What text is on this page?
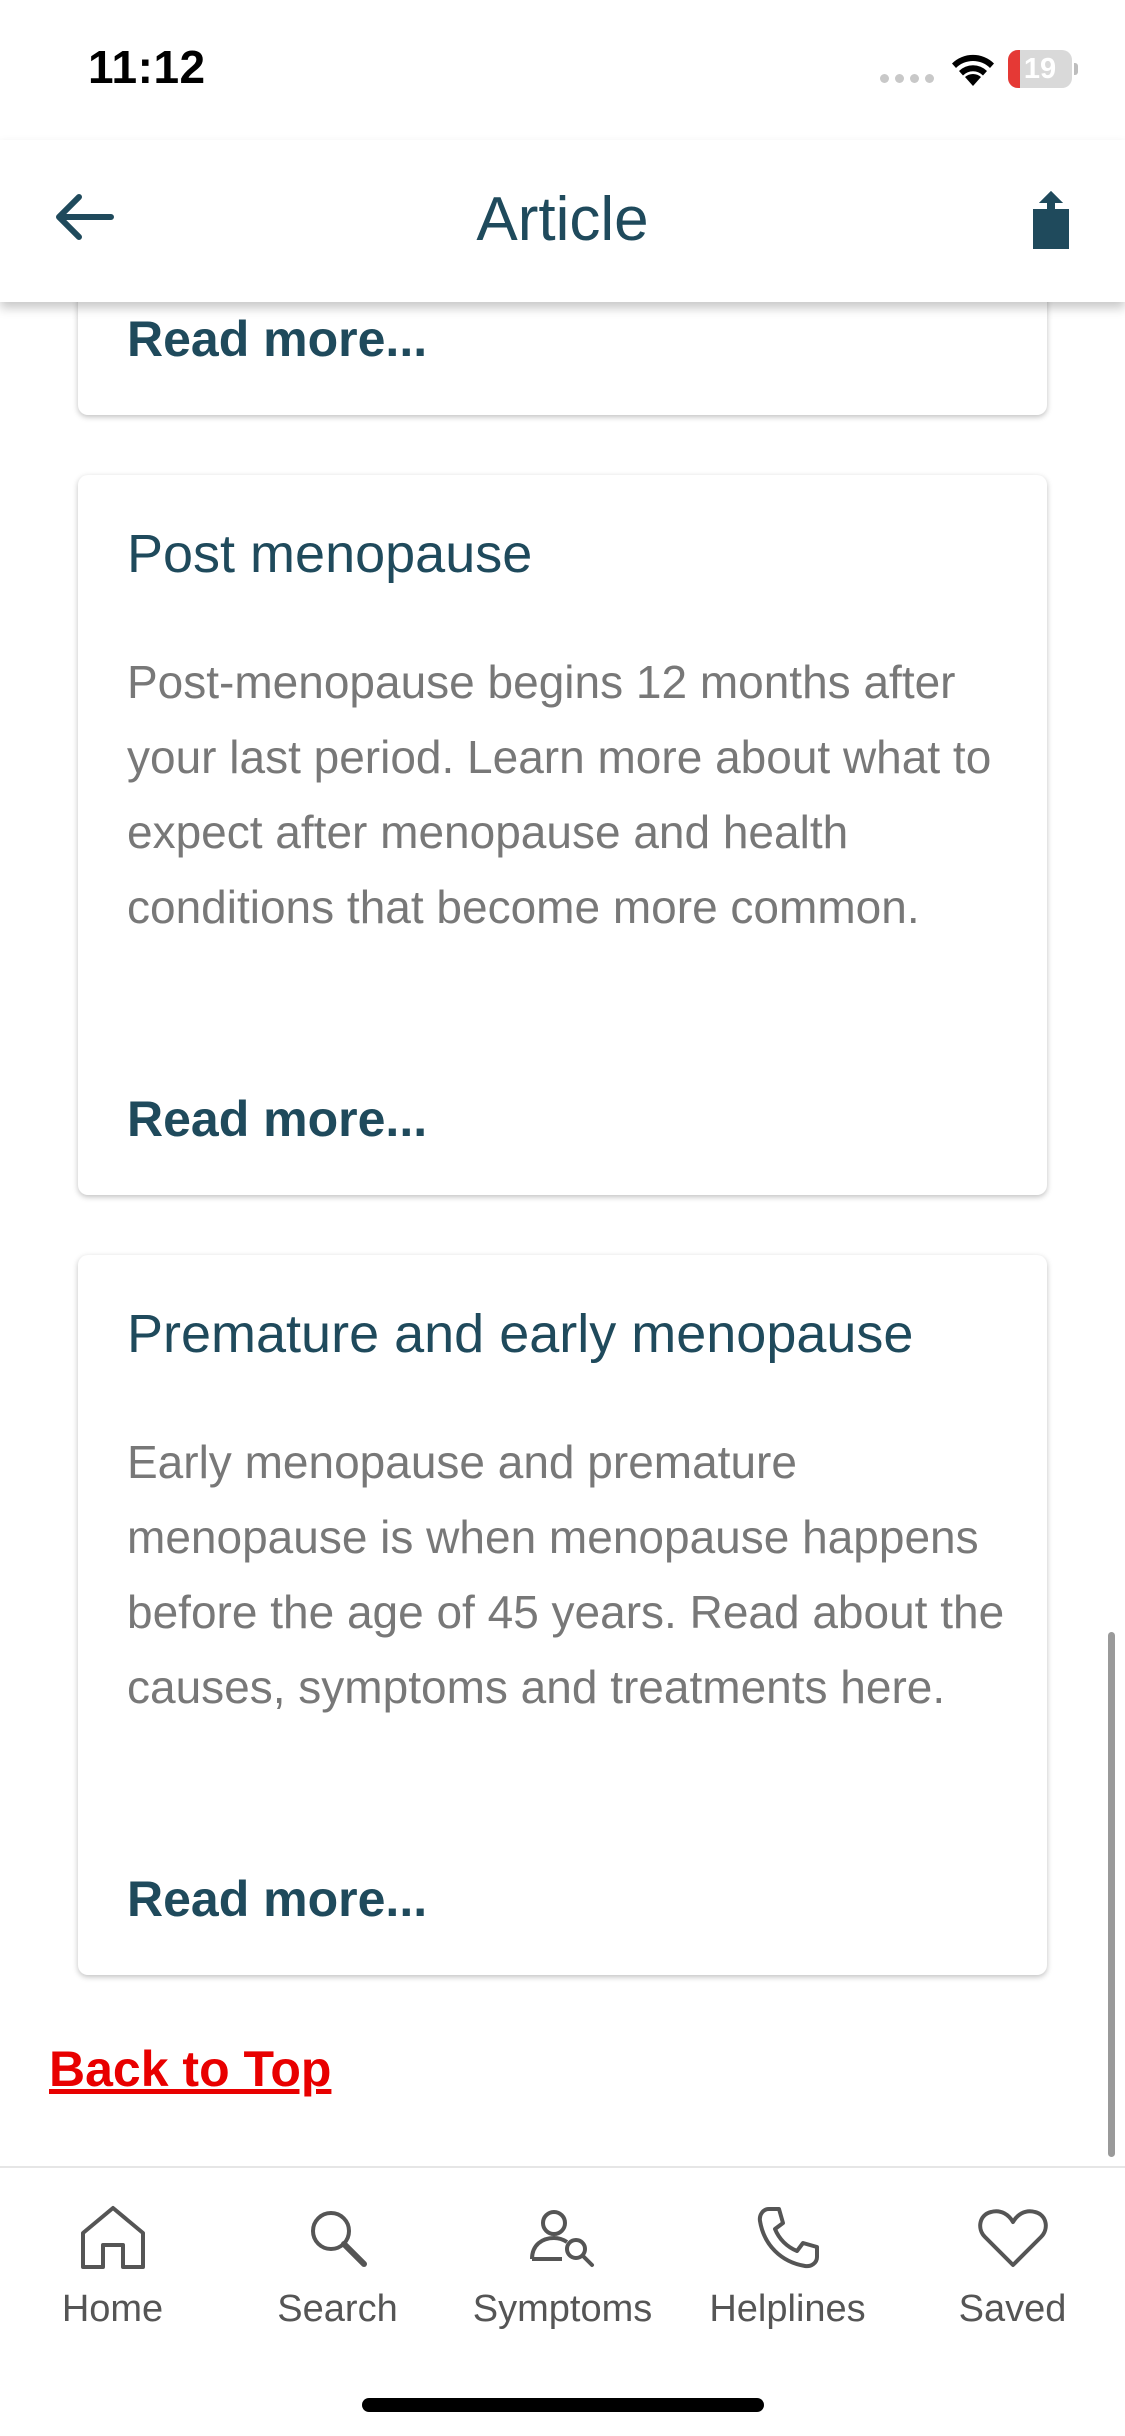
Read more...
Post menopause
Post-menopause begins 12 months after your last period. Learn more about what to expect after menopause and health conditions that become more common.
Read more...
Premature and early menopause
Early menopause and premature menopause is when menopause happens before the age of 45 years. Read about the causes, symptoms and treatments here.
Read more...
Back to Top
11:12	19
Article
Home	Search	Symptoms	Helplines	Saved
